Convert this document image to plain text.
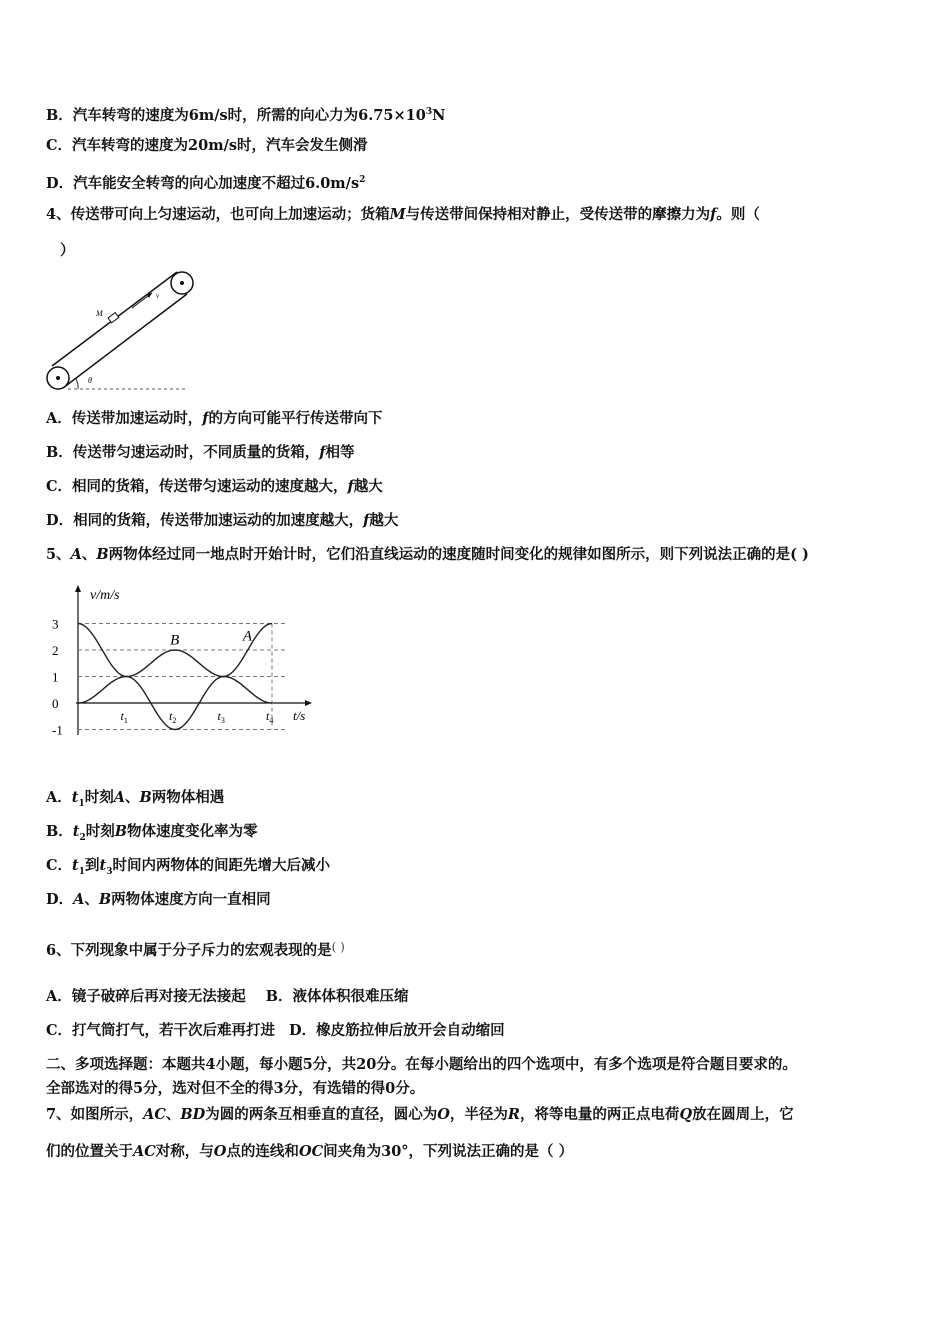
B．汽车转弯的速度为6m/s时，所需的向心力为$6.75\times 10^3N$
C．汽车转弯的速度为20m/s时，汽车会发生侧滑
D．汽车能安全转弯的向心加速度不超过$6.0m/s^2$
4、传送带可向上匀速运动，也可向上加速运动；货箱M与传送带间保持相对静止，受传送带的摩擦力为f。则（
）
M
v
θ
A．传送带加速运动时，f的方向可能平行传送带向下
B．传送带匀速运动时，不同质量的货箱，f相等
C．相同的货箱，传送带匀速运动的速度越大，f越大
D．相同的货箱，传送带加速运动的加速度越大，f越大
5、A、B两物体经过同一地点时开始计时，它们沿直线运动的速度随时间变化的规律如图所示，则下列说法正确的是( )
3
2
1
0
-1
$t_1$	$t_2$	$t_3$	$t_4$
A
B
v/m/s
t/s
A．$t_1$时刻A、B两物体相遇
B．$t_2$时刻B物体速度变化率为零
C．$t_1$到$t_3$时间内两物体的间距先增大后减小
D．A、B两物体速度方向一直相同
6、下列现象中属于分子斥力的宏观表现的是( )
A．镜子破碎后再对接无法接起 B．液体体积很难压缩
C．打气筒打气，若干次后难再打进 D．橡皮筋拉伸后放开会自动缩回
二、多项选择题：本题共4小题，每小题5分，共20分。在每小题给出的四个选项中，有多个选项是符合题目要求的。
全部选对的得5分，选对但不全的得3分，有选错的得0分。
7、如图所示，AC、BD为圆的两条互相垂直的直径，圆心为O，半径为R，将等电量的两正点电荷Q放在圆周上，它
们的位置关于AC对称，与O点的连线和OC间夹角为30°，下列说法正确的是（ ）
